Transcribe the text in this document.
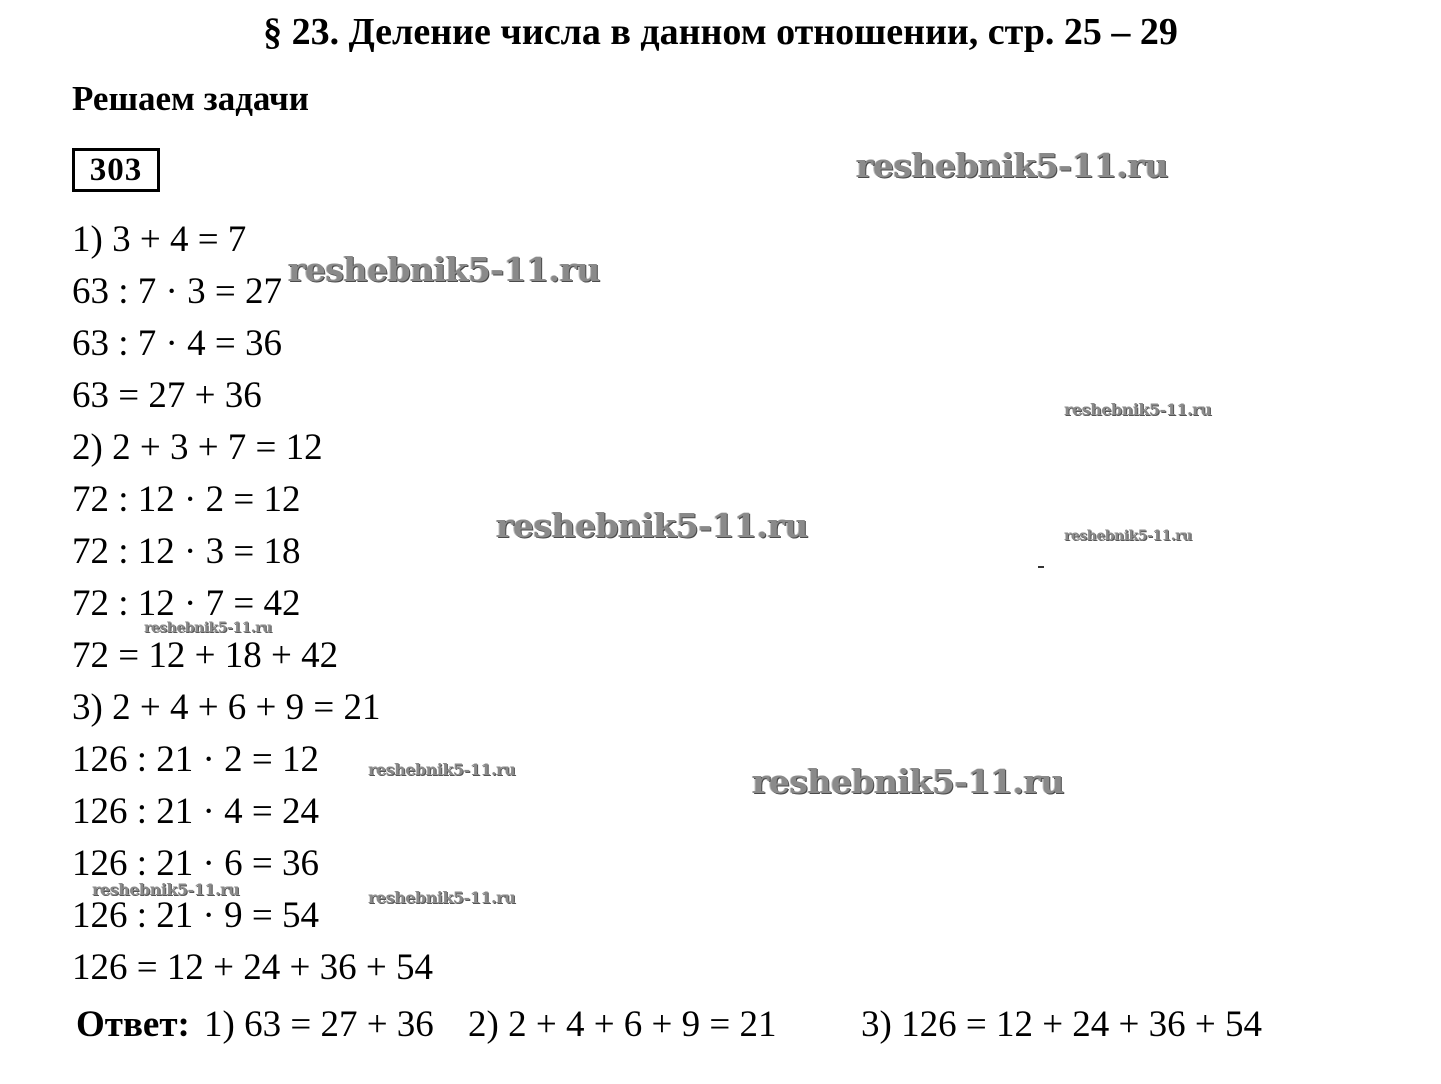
§ 23. Деление числа в данном отношении, стр. 25 – 29
Решаем задачи
303
1) 3 + 4 = 7
63 : 7 · 3 = 27
63 : 7 · 4 = 36
63 = 27 + 36
2) 2 + 3 + 7 = 12
72 : 12 · 2 = 12
72 : 12 · 3 = 18
72 : 12 · 7 = 42
72 = 12 + 18 + 42
3) 2 + 4 + 6 + 9 = 21
126 : 21 · 2 = 12
126 : 21 · 4 = 24
126 : 21 · 6 = 36
126 : 21 · 9 = 54
126 = 12 + 24 + 36 + 54
Ответ: 1) 63 = 27 + 36 2) 2 + 4 + 6 + 9 = 21 3) 126 = 12 + 24 + 36 + 54
reshebnik5-11.ru
reshebnik5-11.ru
reshebnik5-11.ru
reshebnik5-11.ru
reshebnik5-11.ru
reshebnik5-11.ru
reshebnik5-11.ru
reshebnik5-11.ru
reshebnik5-11.ru	reshebnik5-11.ru
